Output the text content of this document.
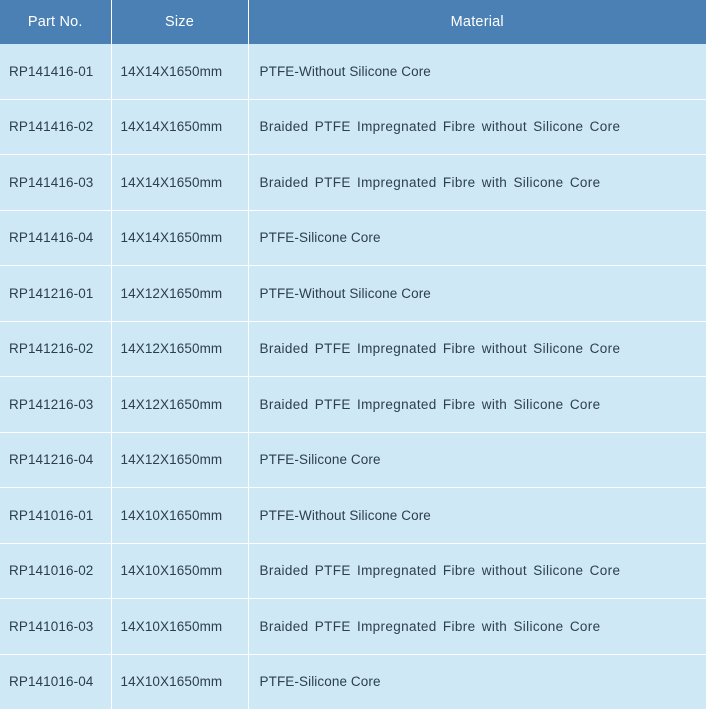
Part No.	Size	Material
RP141416-01	14X14X1650mm	PTFE-Without Silicone Core
RP141416-02	14X14X1650mm	Braided PTFE Impregnated Fibre without Silicone Core
RP141416-03	14X14X1650mm	Braided PTFE Impregnated Fibre with Silicone Core
RP141416-04	14X14X1650mm	PTFE-Silicone Core
RP141216-01	14X12X1650mm	PTFE-Without Silicone Core
RP141216-02	14X12X1650mm	Braided PTFE Impregnated Fibre without Silicone Core
RP141216-03	14X12X1650mm	Braided PTFE Impregnated Fibre with Silicone Core
RP141216-04	14X12X1650mm	PTFE-Silicone Core
RP141016-01	14X10X1650mm	PTFE-Without Silicone Core
RP141016-02	14X10X1650mm	Braided PTFE Impregnated Fibre without Silicone Core
RP141016-03	14X10X1650mm	Braided PTFE Impregnated Fibre with Silicone Core
RP141016-04	14X10X1650mm	PTFE-Silicone Core
